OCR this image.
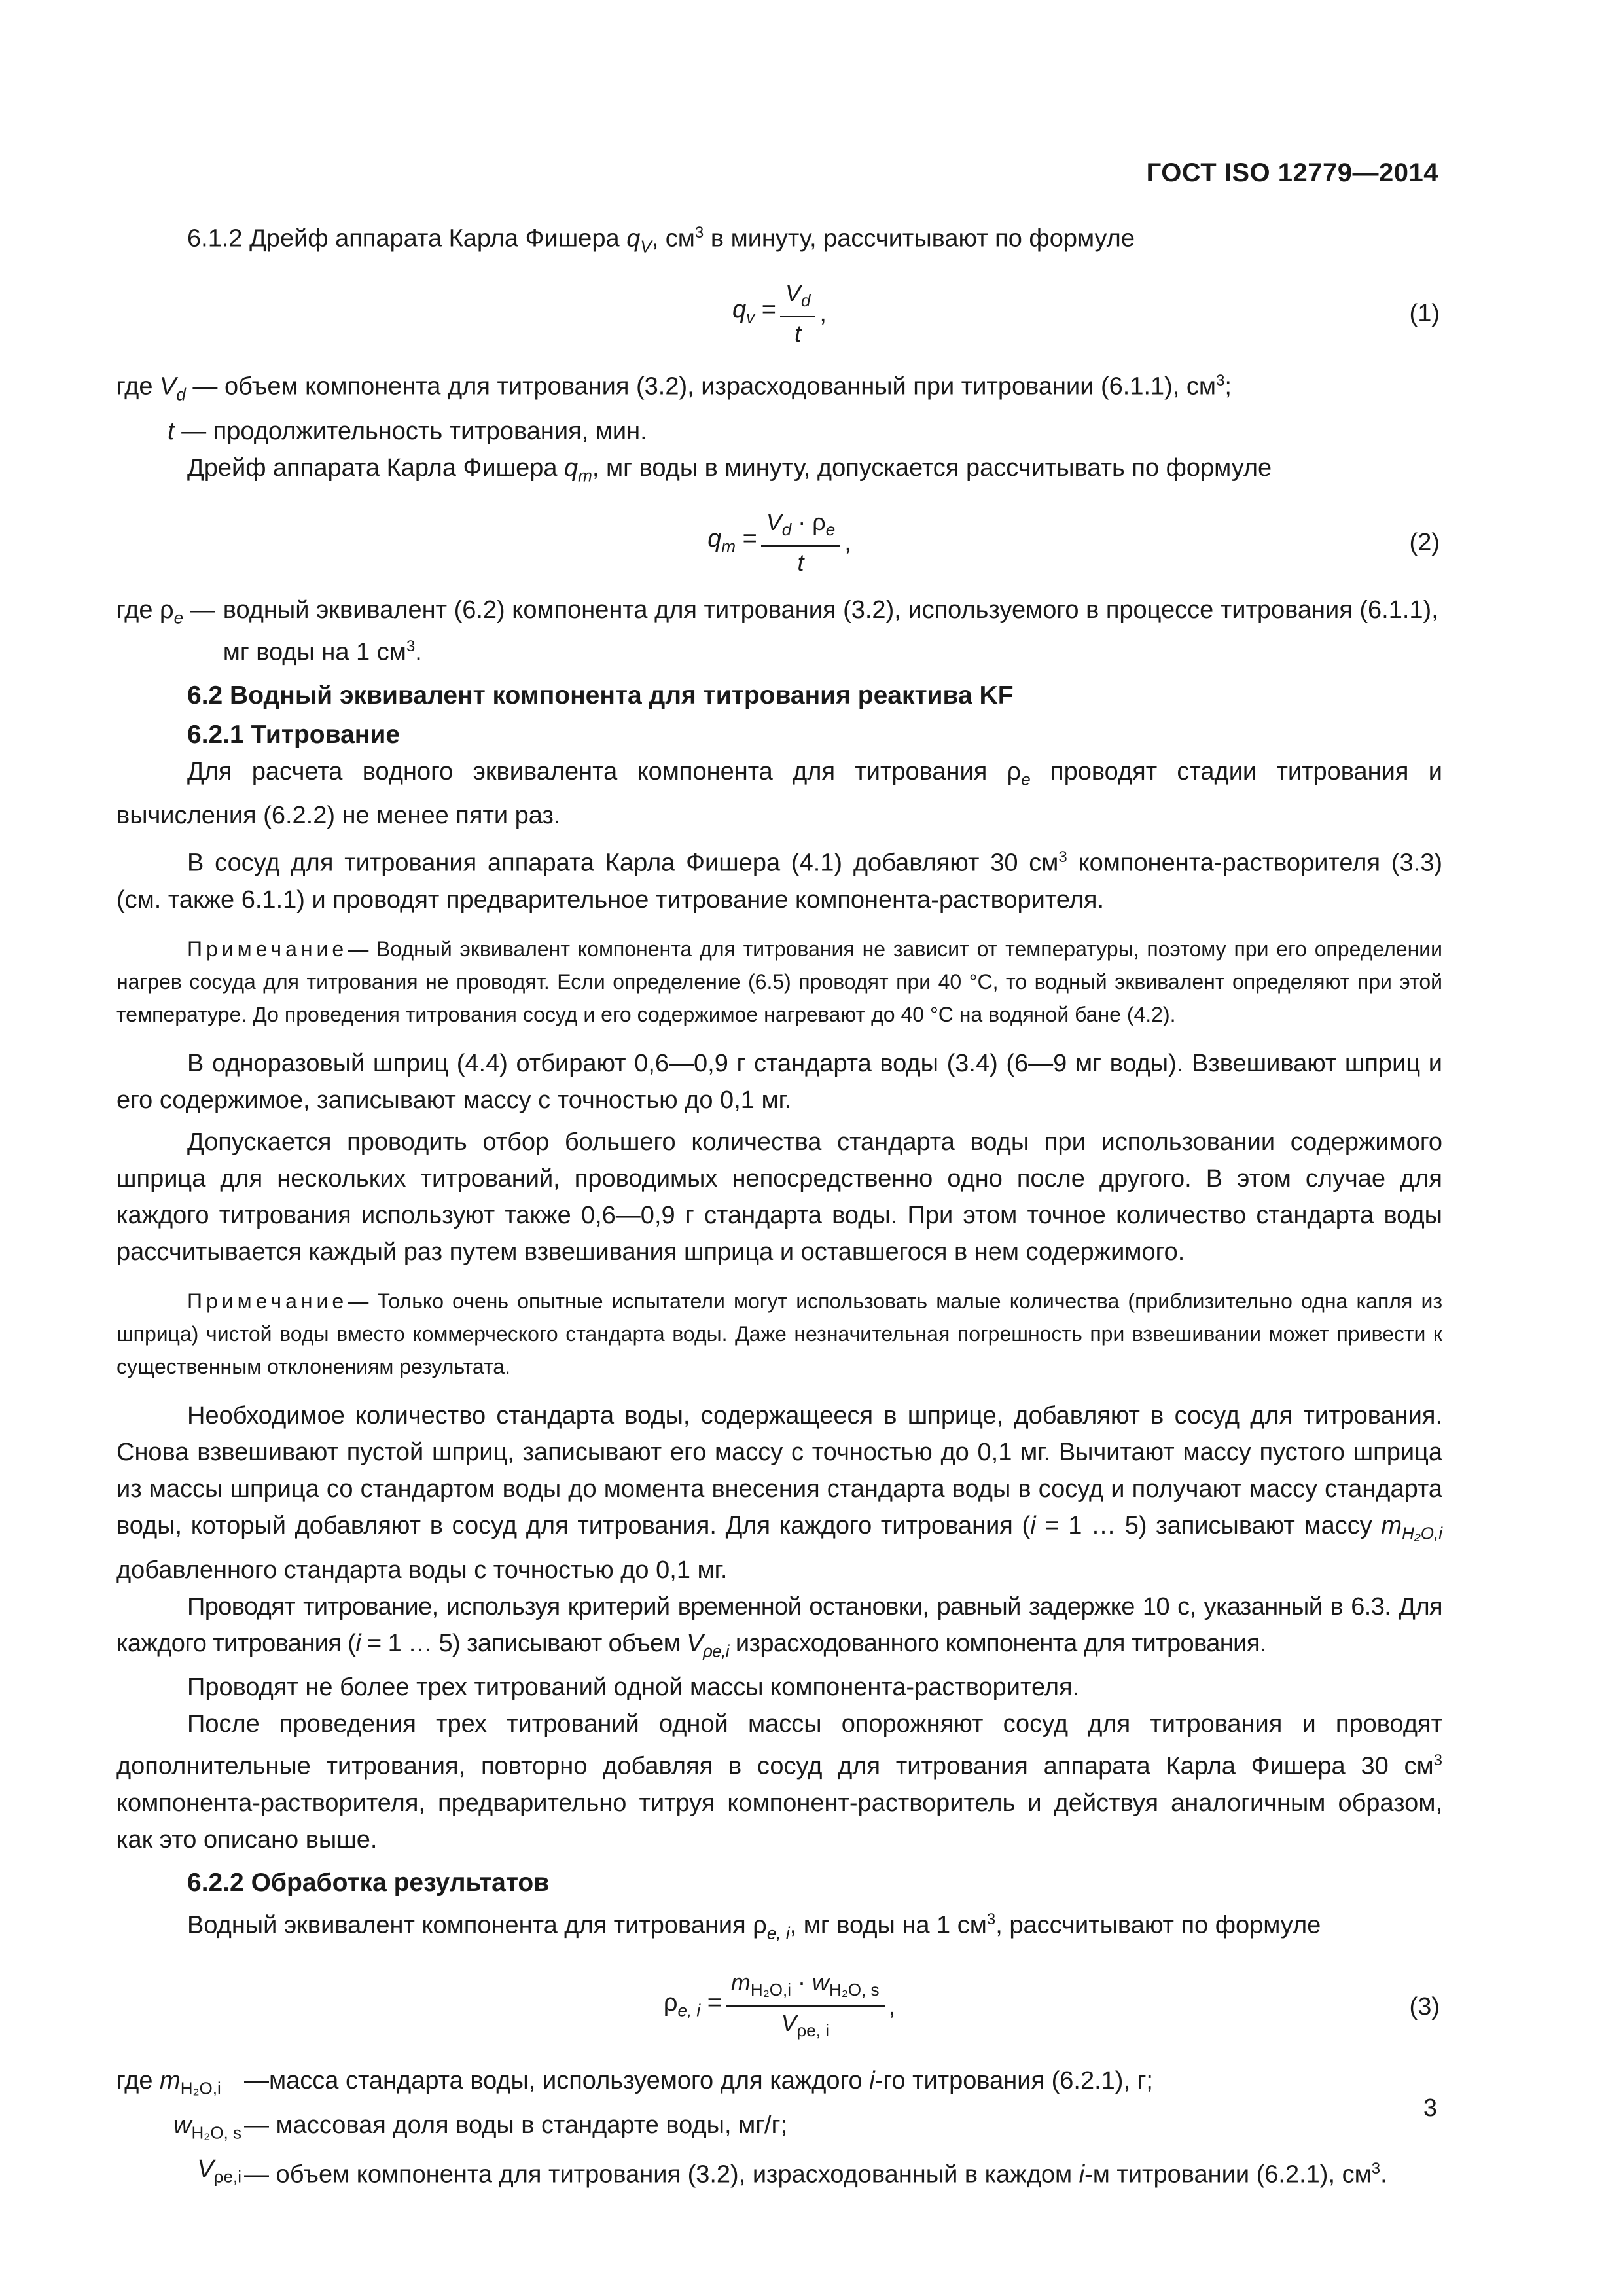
ГОСТ ISO 12779—2014

6.1.2 Дрейф аппарата Карла Фишера $q_V$, $см^3$ в минуту, рассчитывают по формуле

$q_v = \frac{V_d}{t}$ ,	(1)

где $V_d$ — объем компонента для титрования (3.2), израсходованный при титровании (6.1.1), $см^3$;

t — продолжительность титрования, мин.

Дрейф аппарата Карла Фишера $q_m$, мг воды в минуту, допускается рассчитывать по формуле

$q_m = \frac{V_d \cdot \rho_e}{t}$ ,	(2)
где $\rho_e$ — водный эквивалент (6.2) компонента для титрования (3.2), используемого в процессе титрования (6.1.1), мг воды на 1 $см^3$.

6.2 Водный эквивалент компонента для титрования реактива KF

6.2.1 Титрование

Для расчета водного эквивалента компонента для титрования $\rho_e$ проводят стадии титрования и вычисления (6.2.2) не менее пяти раз.

В сосуд для титрования аппарата Карла Фишера (4.1) добавляют 30 $см^3$ компонента-растворителя (3.3) (см. также 6.1.1) и проводят предварительное титрование компонента-растворителя.

Примечание— Водный эквивалент компонента для титрования не зависит от температуры, поэтому при его определении нагрев сосуда для титрования не проводят. Если определение (6.5) проводят при 40 °С, то водный эквивалент определяют при этой температуре. До проведения титрования сосуд и его содержимое нагревают до 40 °С на водяной бане (4.2).

В одноразовый шприц (4.4) отбирают 0,6—0,9 г стандарта воды (3.4) (6—9 мг воды). Взвешивают шприц и его содержимое, записывают массу с точностью до 0,1 мг.

Допускается проводить отбор большего количества стандарта воды при использовании содержимого шприца для нескольких титрований, проводимых непосредственно одно после другого. В этом случае для каждого титрования используют также 0,6—0,9 г стандарта воды. При этом точное количество стандарта воды рассчитывается каждый раз путем взвешивания шприца и оставшегося в нем содержимого.

Примечание— Только очень опытные испытатели могут использовать малые количества (приблизительно одна капля из шприца) чистой воды вместо коммерческого стандарта воды. Даже незначительная погрешность при взвешивании может привести к существенным отклонениям результата.

Необходимое количество стандарта воды, содержащееся в шприце, добавляют в сосуд для титрования. Снова взвешивают пустой шприц, записывают его массу с точностью до 0,1 мг. Вычитают массу пустого шприца из массы шприца со стандартом воды до момента внесения стандарта воды в сосуд и получают массу стандарта воды, который добавляют в сосуд для титрования. Для каждого титрования (i = 1 … 5) записывают массу $m_{H_2O,i}$ добавленного стандарта воды с точностью до 0,1 мг.

Проводят титрование, используя критерий временной остановки, равный задержке 10 с, указанный в 6.3. Для каждого титрования (i = 1 … 5) записывают объем $V_{\rho e,i}$ израсходованного компонента для титрования.

Проводят не более трех титрований одной массы компонента-растворителя.

После проведения трех титрований одной массы опорожняют сосуд для титрования и проводят дополнительные титрования, повторно добавляя в сосуд для титрования аппарата Карла Фишера 30 $см^3$ компонента-растворителя, предварительно титруя компонент-растворитель и действуя аналогичным образом, как это описано выше.

6.2.2 Обработка результатов

Водный эквивалент компонента для титрования $\rho_{e, i}$, мг воды на 1 $см^3$, рассчитывают по формуле

$\rho_{e, i} = \frac{m_{H_2O,i} \cdot w_{H_2O, s}}{V_{\rho e, i}}$ ,	(3)
где $m_{H_2O,i}$ —масса стандарта воды, используемого для каждого i-го титрования (6.2.1), г;
$w_{H_2O, s}$ — массовая доля воды в стандарте воды, мг/г;
$V_{\rho e,i}$ — объем компонента для титрования (3.2), израсходованный в каждом i-м титровании (6.2.1), $см^3$.
3
